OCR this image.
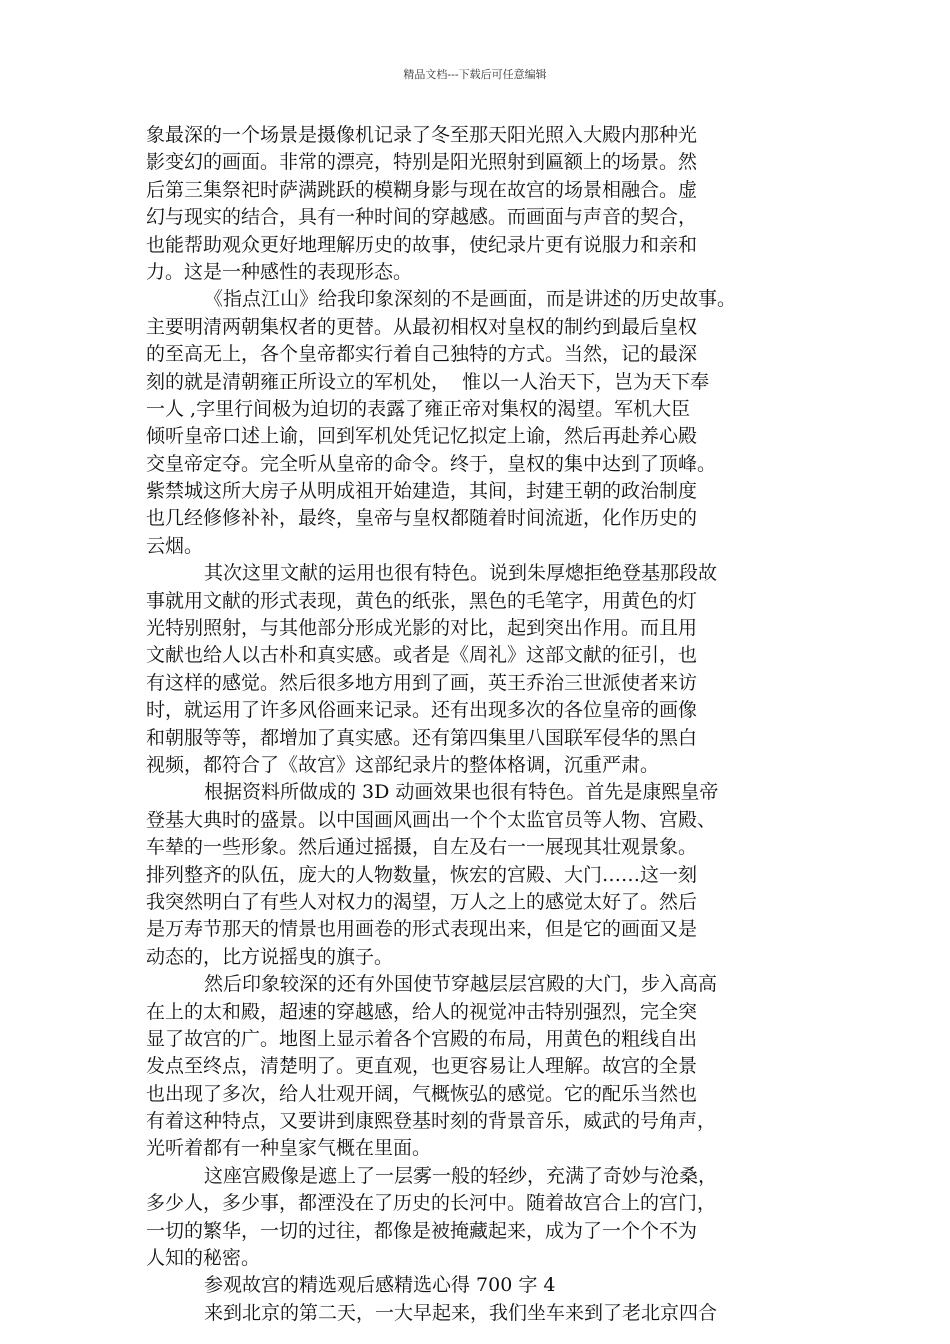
精品文档---下载后可任意编辑
象最深的一个场景是摄像机记录了冬至那天阳光照入大殿内那种光
影变幻的画面。非常的漂亮，特别是阳光照射到匾额上的场景。然
后第三集祭祀时萨满跳跃的模糊身影与现在故宫的场景相融合。虚
幻与现实的结合，具有一种时间的穿越感。而画面与声音的契合，
也能帮助观众更好地理解历史的故事，使纪录片更有说服力和亲和
力。这是一种感性的表现形态。
《指点江山》给我印象深刻的不是画面，而是讲述的历史故事。
主要明清两朝集权者的更替。从最初相权对皇权的制约到最后皇权
的至高无上，各个皇帝都实行着自己独特的方式。当然，记的最深
刻的就是清朝雍正所设立的军机处，  惟以一人治天下，岂为天下奉
一人 ,字里行间极为迫切的表露了雍正帝对集权的渴望。军机大臣
倾听皇帝口述上谕，回到军机处凭记忆拟定上谕，然后再赴养心殿
交皇帝定夺。完全听从皇帝的命令。终于，皇权的集中达到了顶峰。
紫禁城这所大房子从明成祖开始建造，其间，封建王朝的政治制度
也几经修修补补，最终，皇帝与皇权都随着时间流逝，化作历史的
云烟。
其次这里文献的运用也很有特色。说到朱厚熜拒绝登基那段故
事就用文献的形式表现，黄色的纸张，黑色的毛笔字，用黄色的灯
光特别照射，与其他部分形成光影的对比，起到突出作用。而且用
文献也给人以古朴和真实感。或者是《周礼》这部文献的征引，也
有这样的感觉。然后很多地方用到了画，英王乔治三世派使者来访
时，就运用了许多风俗画来记录。还有出现多次的各位皇帝的画像
和朝服等等，都增加了真实感。还有第四集里八国联军侵华的黑白
视频，都符合了《故宫》这部纪录片的整体格调，沉重严肃。
根据资料所做成的 3D 动画效果也很有特色。首先是康熙皇帝
登基大典时的盛景。以中国画风画出一个个太监官员等人物、宫殿、
车辇的一些形象。然后通过摇摄，自左及右一一展现其壮观景象。
排列整齐的队伍，庞大的人物数量，恢宏的宫殿、大门……这一刻
我突然明白了有些人对权力的渴望，万人之上的感觉太好了。然后
是万寿节那天的情景也用画卷的形式表现出来，但是它的画面又是
动态的，比方说摇曳的旗子。
然后印象较深的还有外国使节穿越层层宫殿的大门，步入高高
在上的太和殿，超速的穿越感，给人的视觉冲击特别强烈，完全突
显了故宫的广。地图上显示着各个宫殿的布局，用黄色的粗线自出
发点至终点，清楚明了。更直观，也更容易让人理解。故宫的全景
也出现了多次，给人壮观开阔，气概恢弘的感觉。它的配乐当然也
有着这种特点，又要讲到康熙登基时刻的背景音乐，威武的号角声，
光听着都有一种皇家气概在里面。
这座宫殿像是遮上了一层雾一般的轻纱，充满了奇妙与沧桑，
多少人，多少事，都湮没在了历史的长河中。随着故宫合上的宫门，
一切的繁华，一切的过往，都像是被掩藏起来，成为了一个个不为
人知的秘密。
参观故宫的精选观后感精选心得 700 字 4
来到北京的第二天，一大早起来，我们坐车来到了老北京四合
